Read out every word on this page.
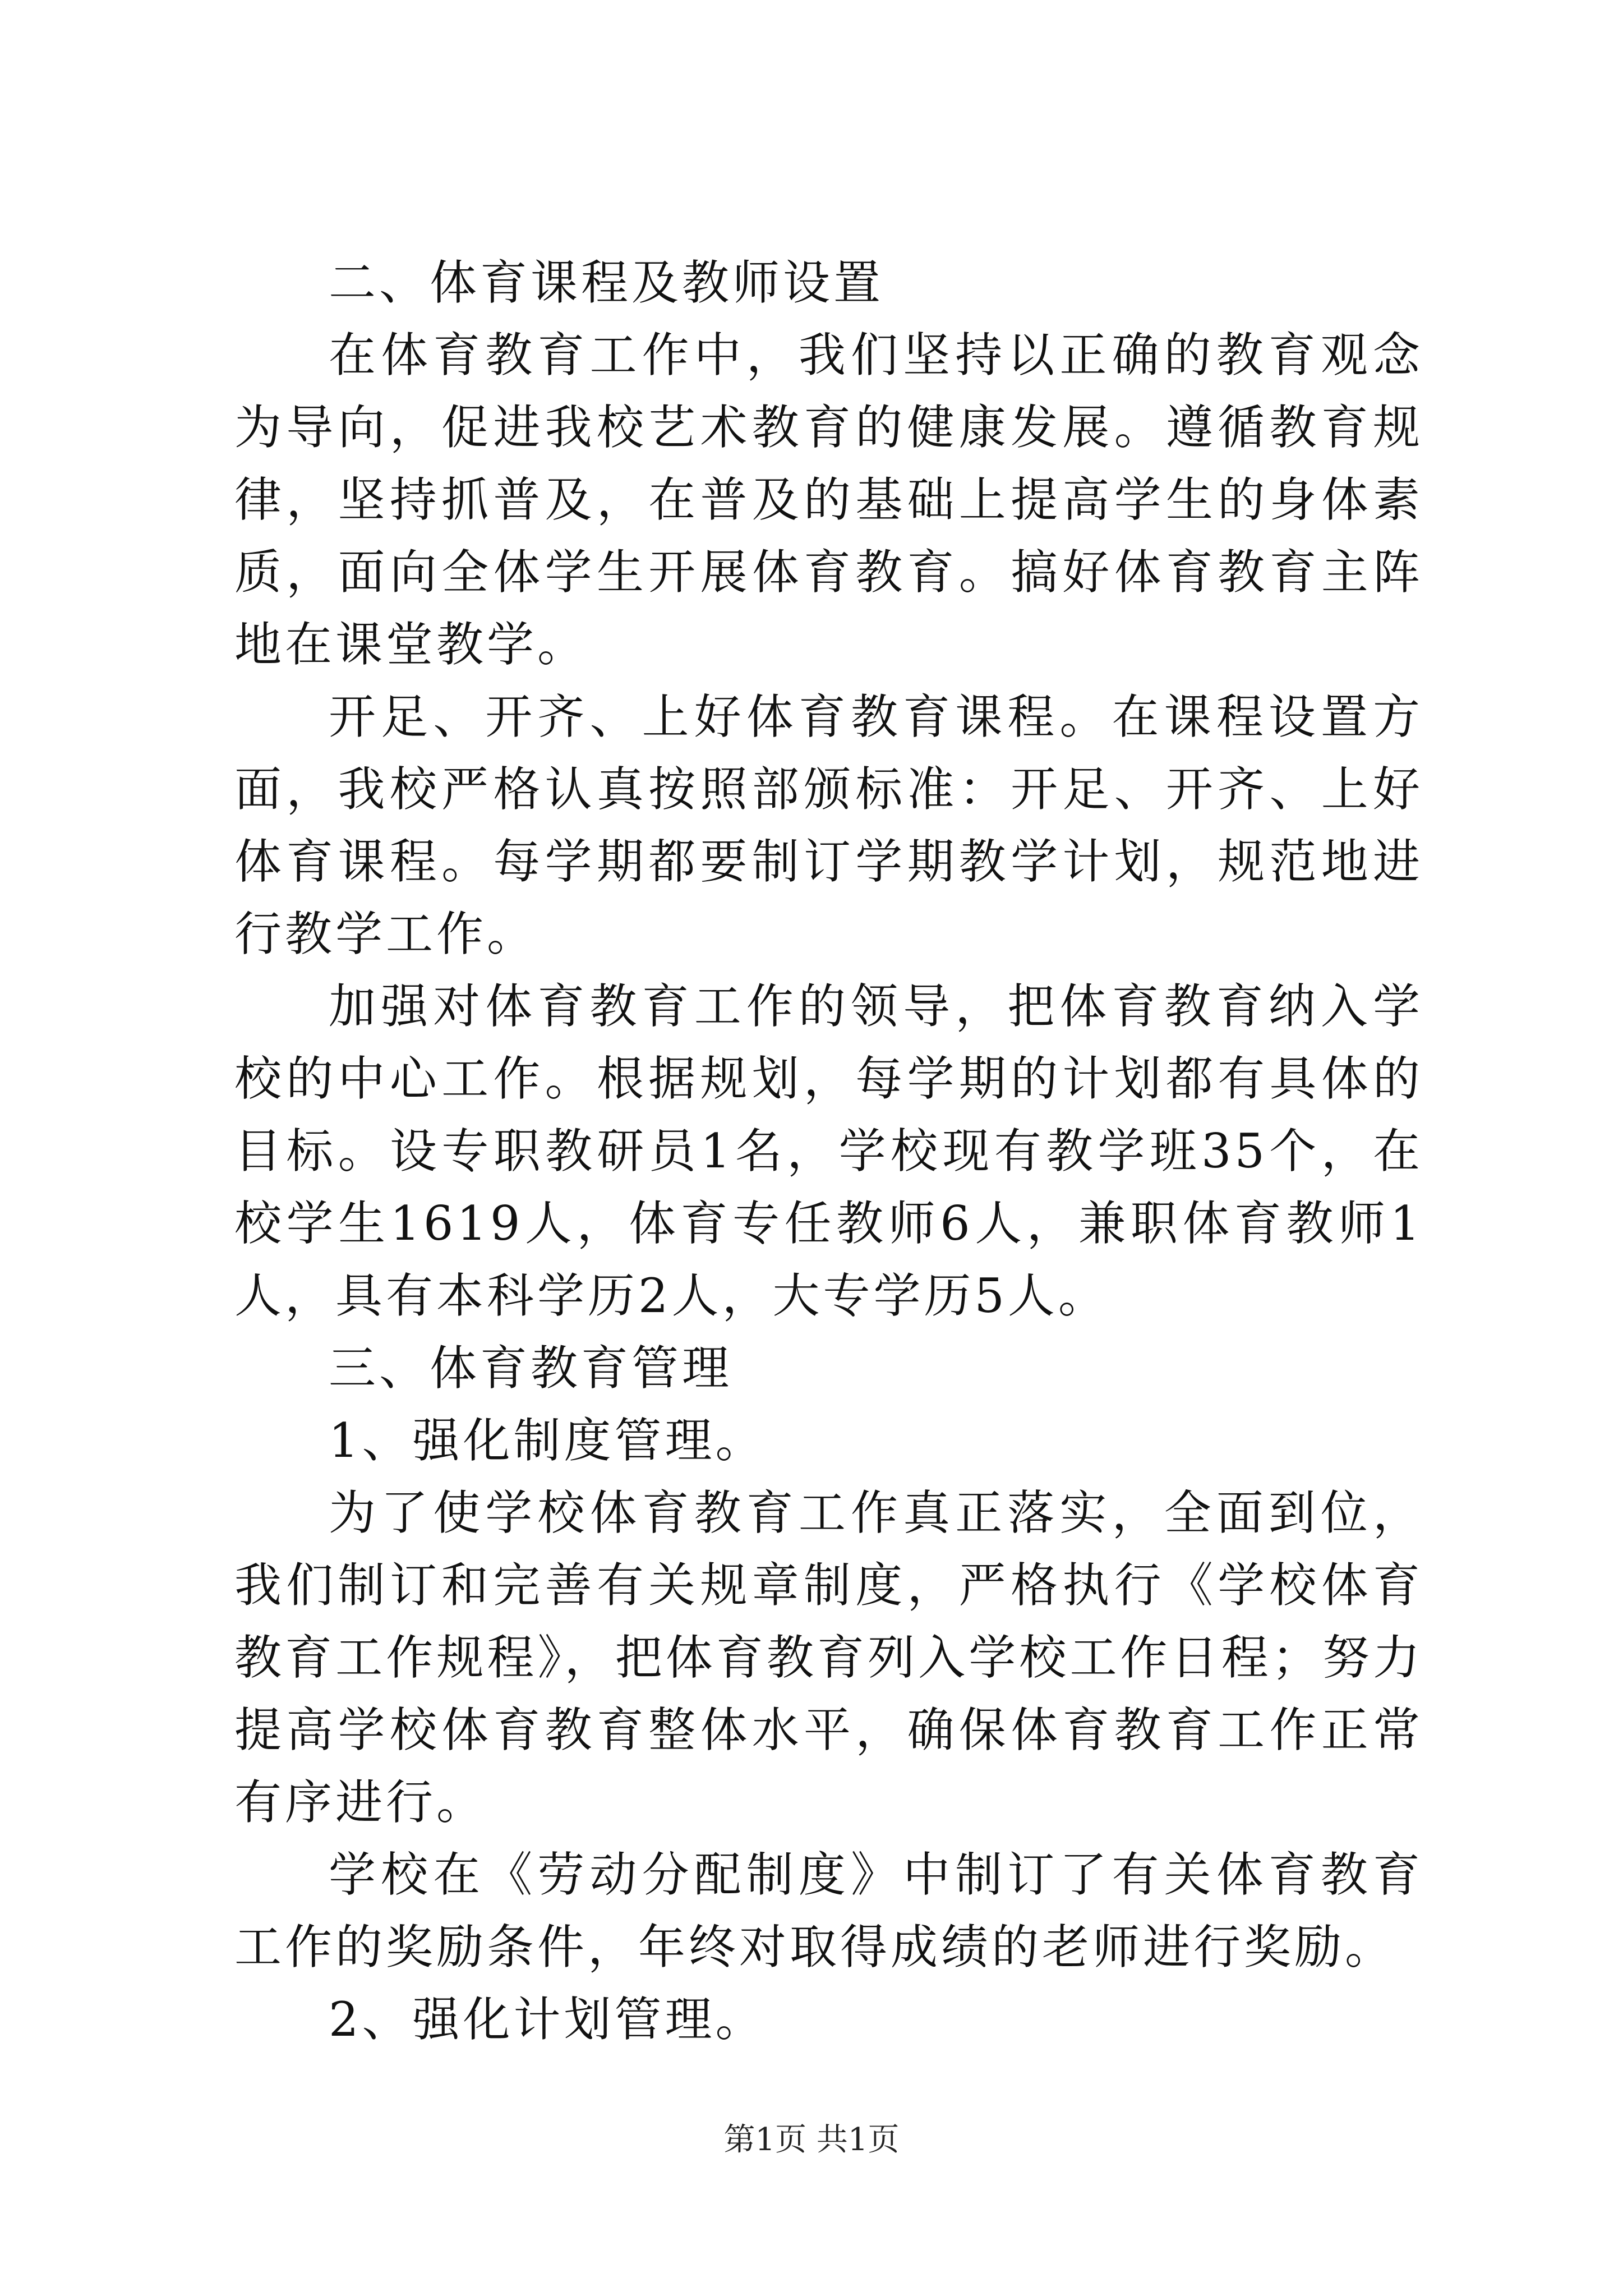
二、体育课程及教师设置

在体育教育工作中，我们坚持以正确的教育观念为导向，促进我校艺术教育的健康发展。遵循教育规律，坚持抓普及，在普及的基础上提高学生的身体素质，面向全体学生开展体育教育。搞好体育教育主阵地在课堂教学。

开足、开齐、上好体育教育课程。在课程设置方面，我校严格认真按照部颁标准：开足、开齐、上好体育课程。每学期都要制订学期教学计划，规范地进行教学工作。

加强对体育教育工作的领导，把体育教育纳入学校的中心工作。根据规划，每学期的计划都有具体的目标。设专职教研员1名，学校现有教学班35个，在校学生1619人，体育专任教师6人，兼职体育教师1人，具有本科学历2人，大专学历5人。

三、体育教育管理

1、强化制度管理。

为了使学校体育教育工作真正落实，全面到位，我们制订和完善有关规章制度，严格执行《学校体育教育工作规程》，把体育教育列入学校工作日程；努力提高学校体育教育整体水平，确保体育教育工作正常有序进行。

学校在《劳动分配制度》中制订了有关体育教育工作的奖励条件，年终对取得成绩的老师进行奖励。

2、强化计划管理。

第1页 共1页
